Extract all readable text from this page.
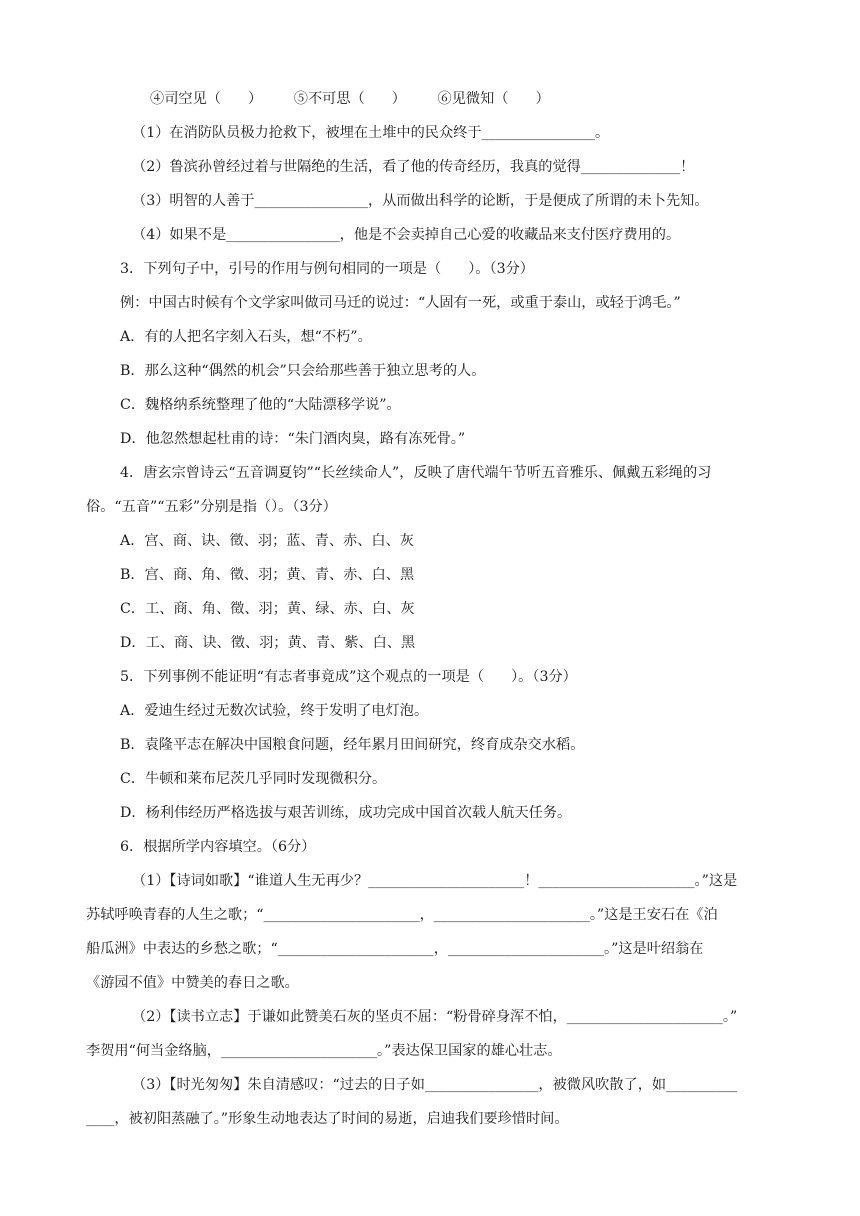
④司空见（      ）       ⑤不可思（      ）       ⑥见微知（      ）
（1）在消防队员极力抢救下，被埋在土堆中的民众终于________________。
（2）鲁滨孙曾经过着与世隔绝的生活，看了他的传奇经历，我真的觉得______________！
（3）明智的人善于________________，从而做出科学的论断，于是便成了所谓的未卜先知。
（4）如果不是________________，他是不会卖掉自己心爱的收藏品来支付医疗费用的。
3．下列句子中，引号的作用与例句相同的一项是（      ）。（3分）
例：中国古时候有个文学家叫做司马迁的说过：“人固有一死，或重于泰山，或轻于鸿毛。”
A．有的人把名字刻入石头，想“不朽”。
B．那么这种“偶然的机会”只会给那些善于独立思考的人。
C．魏格纳系统整理了他的“大陆漂移学说”。
D．他忽然想起杜甫的诗：“朱门酒肉臭，路有冻死骨。”
4．唐玄宗曾诗云“五音调夏钧”“长丝续命人”，反映了唐代端午节听五音雅乐、佩戴五彩绳的习
俗。“五音”“五彩”分别是指（）。（3分）
A．宫、商、诀、徵、羽；蓝、青、赤、白、灰
B．宫、商、角、徵、羽；黄、青、赤、白、黑
C．工、商、角、徵、羽；黄、绿、赤、白、灰
D．工、商、诀、徵、羽；黄、青、紫、白、黑
5．下列事例不能证明“有志者事竟成”这个观点的一项是（      ）。（3分）
A．爱迪生经过无数次试验，终于发明了电灯泡。
B．袁隆平志在解决中国粮食问题，经年累月田间研究，终育成杂交水稻。
C．牛顿和莱布尼茨几乎同时发现微积分。
D．杨利伟经历严格选拔与艰苦训练，成功完成中国首次载人航天任务。
6．根据所学内容填空。（6分）
（1）【诗词如歌】“谁道人生无再少？______________________！______________________。”这是
苏轼呼唤青春的人生之歌；“______________________，______________________。”这是王安石在《泊
船瓜洲》中表达的乡愁之歌；“______________________，______________________。”这是叶绍翁在
《游园不值》中赞美的春日之歌。
（2）【读书立志】于谦如此赞美石灰的坚贞不屈：“粉骨碎身浑不怕，______________________。”
李贺用“何当金络脑，______________________。”表达保卫国家的雄心壮志。
（3）【时光匆匆】朱自清感叹：“过去的日子如________________，被微风吹散了，如__________
____，被初阳蒸融了。”形象生动地表达了时间的易逝，启迪我们要珍惜时间。
